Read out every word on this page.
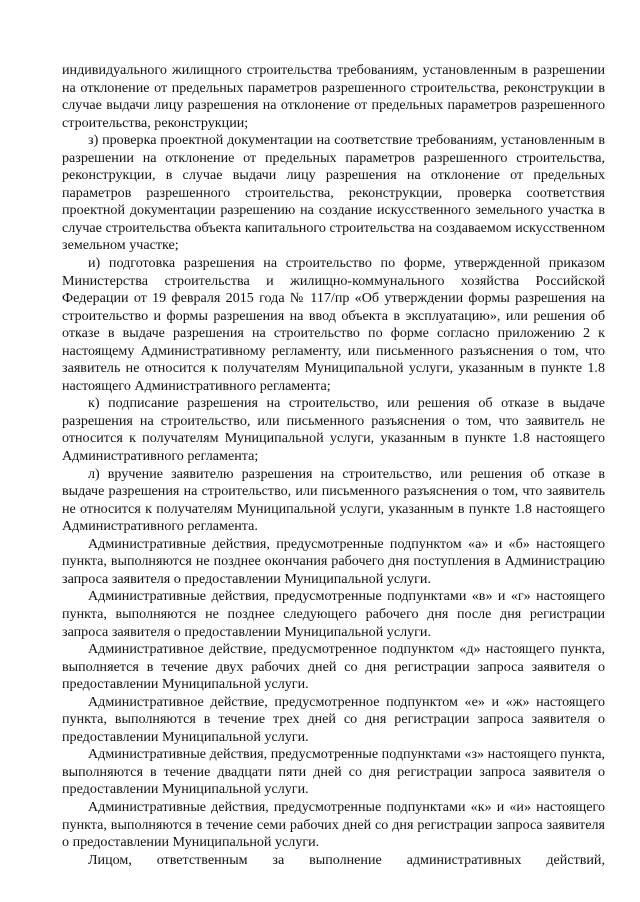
индивидуального жилищного строительства требованиям, установленным в разрешении на отклонение от предельных параметров разрешенного строительства, реконструкции в случае выдачи лицу разрешения на отклонение от предельных параметров разрешенного строительства, реконструкции;

з) проверка проектной документации на соответствие требованиям, установленным в разрешении на отклонение от предельных параметров разрешенного строительства, реконструкции, в случае выдачи лицу разрешения на отклонение от предельных параметров разрешенного строительства, реконструкции, проверка соответствия проектной документации разрешению на создание искусственного земельного участка в случае строительства объекта капитального строительства на создаваемом искусственном земельном участке;

и) подготовка разрешения на строительство по форме, утвержденной приказом Министерства строительства и жилищно-коммунального хозяйства Российской Федерации от 19 февраля 2015 года № 117/пр «Об утверждении формы разрешения на строительство и формы разрешения на ввод объекта в эксплуатацию», или решения об отказе в выдаче разрешения на строительство по форме согласно приложению 2 к настоящему Административному регламенту, или письменного разъяснения о том, что заявитель не относится к получателям Муниципальной услуги, указанным в пункте 1.8 настоящего Административного регламента;

к) подписание разрешения на строительство, или решения об отказе в выдаче разрешения на строительство, или письменного разъяснения о том, что заявитель не относится к получателям Муниципальной услуги, указанным в пункте 1.8 настоящего Административного регламента;

л) вручение заявителю разрешения на строительство, или решения об отказе в выдаче разрешения на строительство, или письменного разъяснения о том, что заявитель не относится к получателям Муниципальной услуги, указанным в пункте 1.8 настоящего Административного регламента.

Административные действия, предусмотренные подпунктом «а» и «б» настоящего пункта, выполняются не позднее окончания рабочего дня поступления в Администрацию запроса заявителя о предоставлении Муниципальной услуги.

Административные действия, предусмотренные подпунктами «в» и «г» настоящего пункта, выполняются не позднее следующего рабочего дня после дня регистрации запроса заявителя о предоставлении Муниципальной услуги.

Административное действие, предусмотренное подпунктом «д» настоящего пункта, выполняется в течение двух рабочих дней со дня регистрации запроса заявителя о предоставлении Муниципальной услуги.

Административное действие, предусмотренное подпунктом «е» и «ж» настоящего пункта, выполняются в течение трех дней со дня регистрации запроса заявителя о предоставлении Муниципальной услуги.

Административные действия, предусмотренные подпунктами «з» настоящего пункта, выполняются в течение двадцати пяти дней со дня регистрации запроса заявителя о предоставлении Муниципальной услуги.

Административные действия, предусмотренные подпунктами «к» и «и» настоящего пункта, выполняются в течение семи рабочих дней со дня регистрации запроса заявителя о предоставлении Муниципальной услуги.

Лицом, ответственным за выполнение административных действий,
